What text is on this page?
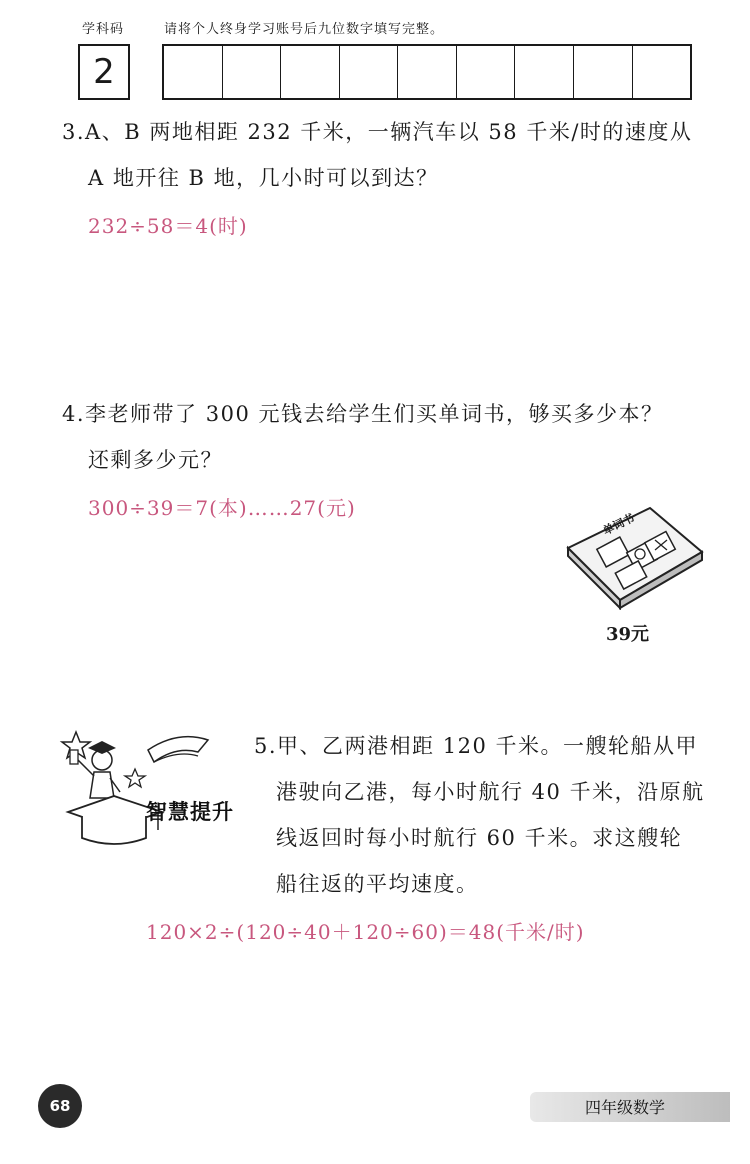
学科码	请将个人终身学习账号后九位数字填写完整。
2
3.A、B 两地相距 232 千米，一辆汽车以 58 千米/时的速度从
A 地开往 B 地，几小时可以到达？
232÷58＝4(时)
4.李老师带了 300 元钱去给学生们买单词书，够买多少本？
还剩多少元？
300÷39＝7(本)……27(元)
单词书
39元
智慧提升
5.甲、乙两港相距 120 千米。一艘轮船从甲
港驶向乙港，每小时航行 40 千米，沿原航
线返回时每小时航行 60 千米。求这艘轮
船往返的平均速度。
120×2÷(120÷40＋120÷60)＝48(千米/时)
68	四年级数学
